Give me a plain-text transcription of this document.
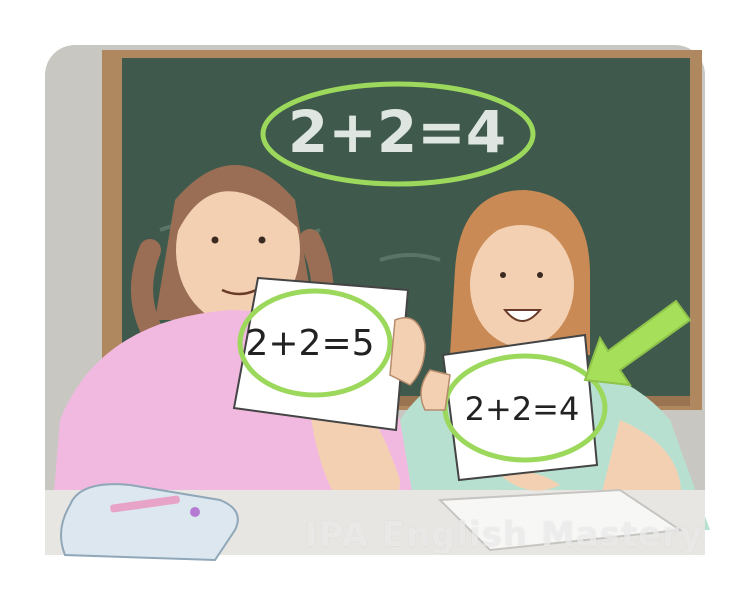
2+2=4
2+2=5
2+2=4
IPA English Mastery
